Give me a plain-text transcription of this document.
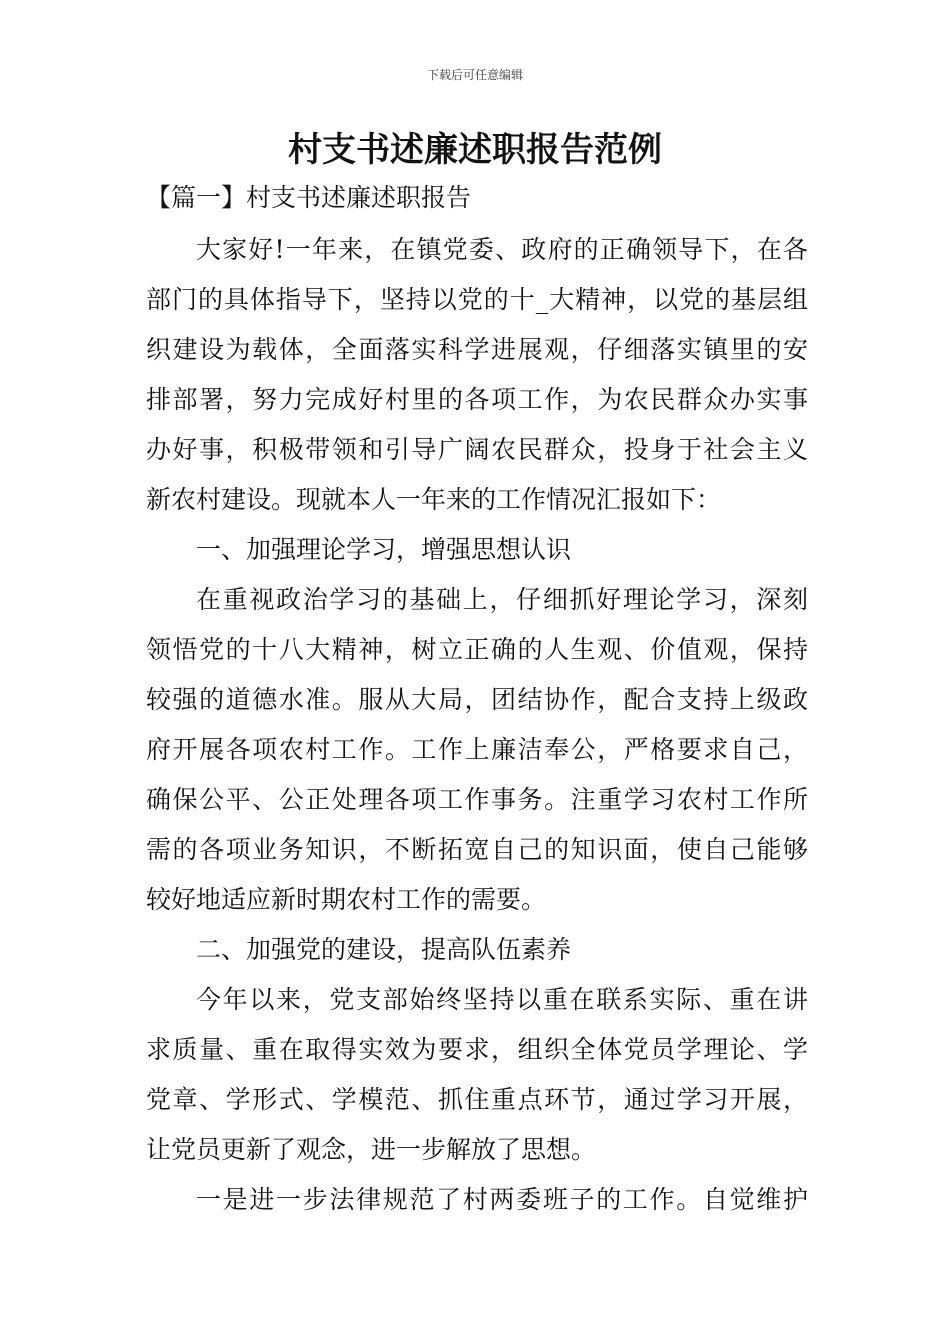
下载后可任意编辑
村支书述廉述职报告范例
【篇一】村支书述廉述职报告
大家好!一年来，在镇党委、政府的正确领导下，在各
部门的具体指导下，坚持以党的十_大精神，以党的基层组
织建设为载体，全面落实科学进展观，仔细落实镇里的安
排部署，努力完成好村里的各项工作，为农民群众办实事
办好事，积极带领和引导广阔农民群众，投身于社会主义
新农村建设。现就本人一年来的工作情况汇报如下：
一、加强理论学习，增强思想认识
在重视政治学习的基础上，仔细抓好理论学习，深刻
领悟党的十八大精神，树立正确的人生观、价值观，保持
较强的道德水准。服从大局，团结协作，配合支持上级政
府开展各项农村工作。工作上廉洁奉公，严格要求自己，
确保公平、公正处理各项工作事务。注重学习农村工作所
需的各项业务知识，不断拓宽自己的知识面，使自己能够
较好地适应新时期农村工作的需要。
二、加强党的建设，提高队伍素养
今年以来，党支部始终坚持以重在联系实际、重在讲
求质量、重在取得实效为要求，组织全体党员学理论、学
党章、学形式、学模范、抓住重点环节，通过学习开展，
让党员更新了观念，进一步解放了思想。
一是进一步法律规范了村两委班子的工作。自觉维护
